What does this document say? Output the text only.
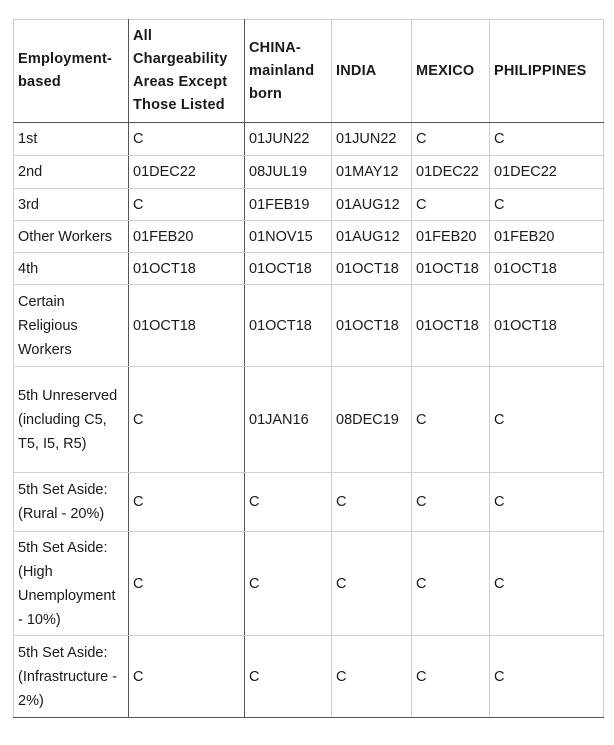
Employment-based	All Chargeability Areas Except Those Listed	CHINA-mainland born	INDIA	MEXICO	PHILIPPINES
1st	C	01JUN22	01JUN22	C	C
2nd	01DEC22	08JUL19	01MAY12	01DEC22	01DEC22
3rd	C	01FEB19	01AUG12	C	C
Other Workers	01FEB20	01NOV15	01AUG12	01FEB20	01FEB20
4th	01OCT18	01OCT18	01OCT18	01OCT18	01OCT18
Certain Religious Workers	01OCT18	01OCT18	01OCT18	01OCT18	01OCT18
5th Unreserved (including C5, T5, I5, R5)	C	01JAN16	08DEC19	C	C
5th Set Aside: (Rural - 20%)	C	C	C	C	C
5th Set Aside: (High Unemployment - 10%)	C	C	C	C	C
5th Set Aside: (Infrastructure - 2%)	C	C	C	C	C
